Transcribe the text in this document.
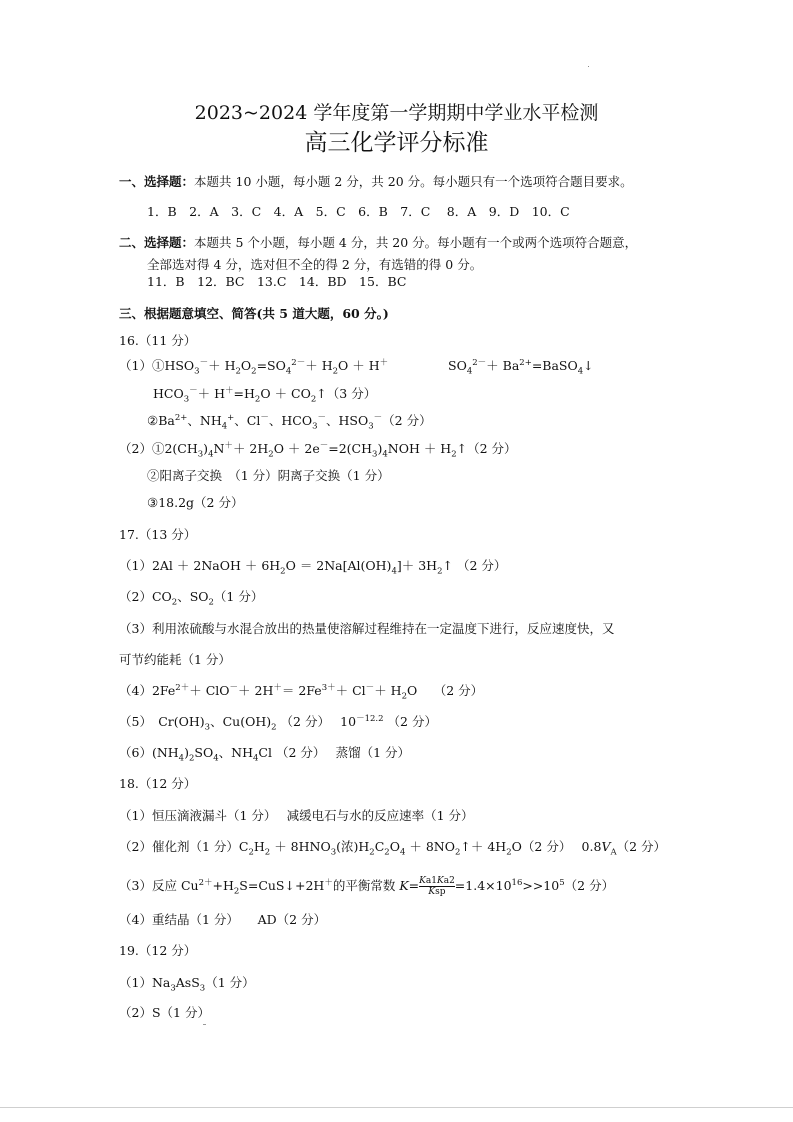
2023~2024 学年度第一学期期中学业水平检测
高三化学评分标准
一、选择题：本题共 10 小题，每小题 2 分，共 20 分。每小题只有一个选项符合题目要求。
1．B　2．A　3．C　4．A　5．C　6．B　7．C　 8．A　9．D　10．C
二、选择题：本题共 5 个小题，每小题 4 分，共 20 分。每小题有一个或两个选项符合题意，
全部选对得 4 分，选对但不全的得 2 分，有选错的得 0 分。
11．B　12．BC　13.C　14．BD　15．BC
三、根据题意填空、简答(共 5 道大题，60 分。)
16.（11 分）
$(1)①HSO_3^-+ H_2O_2=SO_4^{2-}+ H_2O + H^+$	$SO_4^{2-}+$ $Ba^{2+}=BaSO_4↓$
$HCO_3^-+ H^+=H_2O$ ＋ $CO_2↑(3$ 分）
$②Ba^{2+}$、$NH_4^+$、Cl－、$HCO_3^-$、$HSO_3^-(2$ 分）
$(2)①2(CH_3)_4N^++ 2H_2O + 2e^-=2(CH_3)_4NOH$ ＋ $H_2↑(2$ 分）
②阳离子交换　（1 分）阴离子交换（1 分）
③18.2g（2 分）
17.（13 分）
（1）2Al ＋ 2NaOH ＋ $6H_2O = 2Na[Al(OH)_4]+$ $3H_2↑$ （2 分）
$(2)CO_2$、$SO_2(1$ 分）
（3）利用浓硫酸与水混合放出的热量使溶解过程维持在一定温度下进行，反应速度快，又
可节约能耗（1 分）
$(4)2Fe^{2+}+ ClO^-+ 2H^+= 2Fe^{3+}+ Cl^-+ H_2O$　 （2 分）
（5）　$Cr(OH)_3$、$Cu(OH)_2$ （2 分）　 $10^{-12.2}$ （2 分）
$(6)(NH_4)_2SO_4$、$NH_4Cl$ （2 分）　 蒸馏（1 分）
18.（12 分）
（1）恒压滴液漏斗（1 分）　 减缓电石与水的反应速率（1 分）
（2）催化剂（1 分）$C_2H_2 + 8HNO_3$(浓)$H_2C_2O_4$ ＋ $8NO_2↑+ 4H_2O(2$ 分）　 $0.8V_A(2$ 分）
（3）反应 $Cu^{2+}+H_2S=CuS↓+2H^+$的平衡常数 K= Ka1Ka2
Ksp $=1.4\times 10^{16}>>10^5(2$ 分）
（4）重结晶（1 分）　　AD（2 分）
19.（12 分）
$(1)Na_3AsS_3(1$ 分）
（2）S（1 分）
